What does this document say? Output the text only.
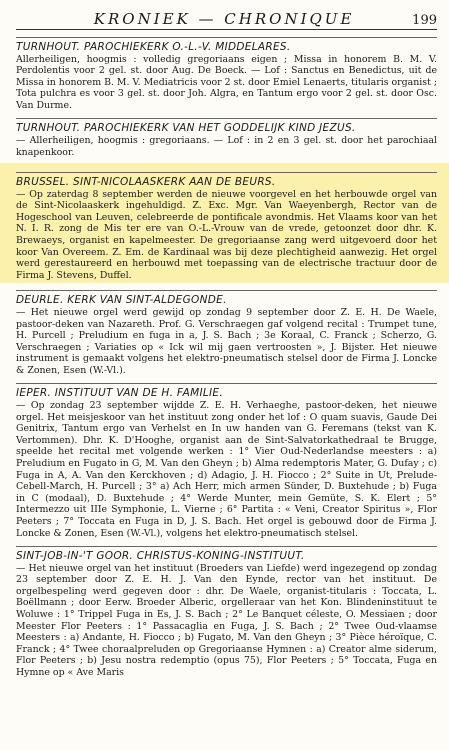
KRONIEK — CHRONIQUE	199
TURNHOUT. PAROCHIEKERK O.-L.-V. MIDDELARES.

Allerheiligen, hoogmis : volledig gregoriaans eigen ; Missa in honorem B. M. V. Perdolentis voor 2 gel. st. door Aug. De Boeck. — Lof : Sanctus en Benedictus, uit de Missa in honorem B. M. V. Mediatricis voor 2 st. door Emiel Lenaerts, titularis organist ; Tota pulchra es voor 3 gel. st. door Joh. Algra, en Tantum ergo voor 2 gel. st. door Osc. Van Durme.

TURNHOUT. PAROCHIEKERK VAN HET GODDELIJK KIND JEZUS.

— Allerheiligen, hoogmis : gregoriaans. — Lof : in 2 en 3 gel. st. door het parochiaal knapenkoor.

BRUSSEL. SINT-NICOLAASKERK AAN DE BEURS.

— Op zaterdag 8 september werden de nieuwe voorgevel en het herbouwde orgel van de Sint-Nicolaaskerk ingehuldigd. Z. Exc. Mgr. Van Waeyenbergh, Rector van de Hogeschool van Leuven, celebreerde de pontificale avondmis. Het Vlaams koor van het N. I. R. zong de Mis ter ere van O.-L.-Vrouw van de vrede, getoonzet door dhr. K. Brewaeys, organist en kapelmeester. De gregoriaanse zang werd uitgevoerd door het koor Van Overeem. Z. Em. de Kardinaal was bij deze plechtigheid aanwezig. Het orgel werd gerestaureerd en herbouwd met toepassing van de electrische tractuur door de Firma J. Stevens, Duffel.

DEURLE. KERK VAN SINT-ALDEGONDE.

— Het nieuwe orgel werd gewijd op zondag 9 september door Z. E. H. De Waele, pastoor-deken van Nazareth. Prof. G. Verschraegen gaf volgend recital : Trumpet tune, H. Purcell ; Preludium en fuga in a, J. S. Bach ; 3e Koraal, C. Franck ; Scherzo, G. Verschraegen ; Variaties op « Ick wil mij gaen vertroosten », J. Bijster. Het nieuwe instrument is gemaakt volgens het elektro-pneumatisch stelsel door de Firma J. Loncke & Zonen, Esen (W.-Vl.).

IEPER. INSTITUUT VAN DE H. FAMILIE.

— Op zondag 23 september wijdde Z. E. H. Verhaeghe, pastoor-deken, het nieuwe orgel. Het meisjeskoor van het instituut zong onder het lof : O quam suavis, Gaude Dei Genitrix, Tantum ergo van Verhelst en In uw handen van G. Feremans (tekst van K. Vertommen). Dhr. K. D'Hooghe, organist aan de Sint-Salvatorkathedraal te Brugge, speelde het recital met volgende werken : 1° Vier Oud-Nederlandse meesters : a) Preludium en Fugato in G, M. Van den Gheyn ; b) Alma redemptoris Mater, G. Dufay ; c) Fuga in A, A. Van den Kerckhoven ; d) Adagio, J. H. Fiocco ; 2° Suite in Ut, Prelude-Cebell-March, H. Purcell ; 3° a) Ach Herr, mich armen Sünder, D. Buxtehude ; b) Fuga in C (modaal), D. Buxtehude ; 4° Werde Munter, mein Gemüte, S. K. Elert ; 5° Intermezzo uit IIIe Symphonie, L. Vierne ; 6° Partita : « Veni, Creator Spiritus », Flor Peeters ; 7° Toccata en Fuga in D, J. S. Bach. Het orgel is gebouwd door de Firma J. Loncke & Zonen, Esen (W.-Vl.), volgens het elektro-pneumatisch stelsel.

SINT-JOB-IN-'T GOOR. CHRISTUS-KONING-INSTITUUT.

— Het nieuwe orgel van het instituut (Broeders van Liefde) werd ingezegend op zondag 23 september door Z. E. H. J. Van den Eynde, rector van het instituut. De orgelbespeling werd gegeven door : dhr. De Waele, organist-titularis : Toccata, L. Boëllmann ; door Eerw. Broeder Alberic, orgelleraar van het Kon. Blindeninstituut te Woluwe : 1° Trippel Fuga in Es, J. S. Bach ; 2° Le Banquet céleste, O. Messiaen ; door Meester Flor Peeters : 1° Passacaglia en Fuga, J. S. Bach ; 2° Twee Oud-vlaamse Meesters : a) Andante, H. Fiocco ; b) Fugato, M. Van den Gheyn ; 3° Pièce héroïque, C. Franck ; 4° Twee choraalpreluden op Gregoriaanse Hymnen : a) Creator alme siderum, Flor Peeters ; b) Jesu nostra redemptio (opus 75), Flor Peeters ; 5° Toccata, Fuga en Hymne op « Ave Maris
